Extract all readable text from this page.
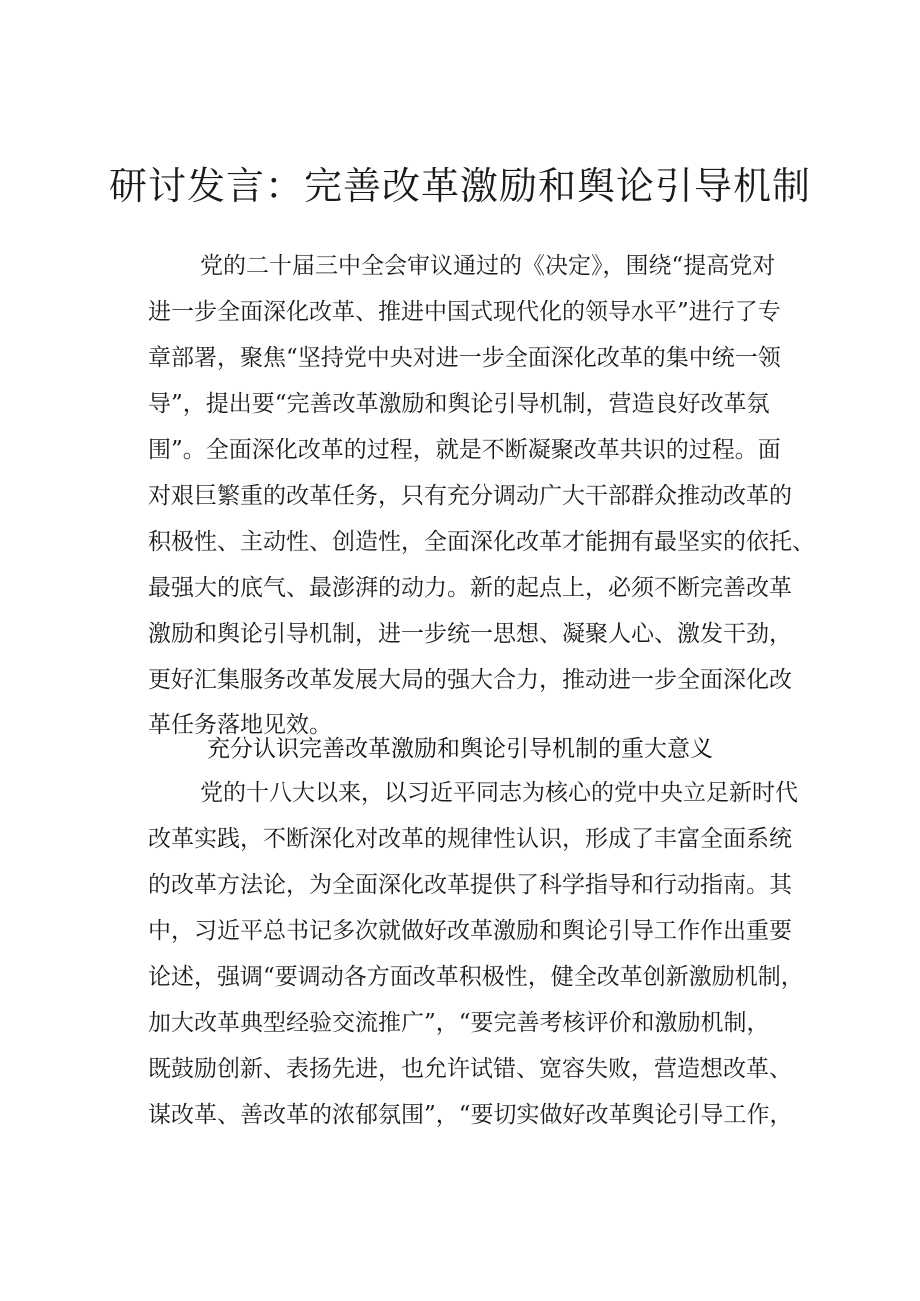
研讨发言：完善改革激励和舆论引导机制
党的二十届三中全会审议通过的《决定》，围绕“提高党对
进一步全面深化改革、推进中国式现代化的领导水平”进行了专
章部署，聚焦“坚持党中央对进一步全面深化改革的集中统一领
导”，提出要“完善改革激励和舆论引导机制，营造良好改革氛
围”。全面深化改革的过程，就是不断凝聚改革共识的过程。面
对艰巨繁重的改革任务，只有充分调动广大干部群众推动改革的
积极性、主动性、创造性，全面深化改革才能拥有最坚实的依托、
最强大的底气、最澎湃的动力。新的起点上，必须不断完善改革
激励和舆论引导机制，进一步统一思想、凝聚人心、激发干劲，
更好汇集服务改革发展大局的强大合力，推动进一步全面深化改
革任务落地见效。
充分认识完善改革激励和舆论引导机制的重大意义
党的十八大以来，以习近平同志为核心的党中央立足新时代
改革实践，不断深化对改革的规律性认识，形成了丰富全面系统
的改革方法论，为全面深化改革提供了科学指导和行动指南。其
中，习近平总书记多次就做好改革激励和舆论引导工作作出重要
论述，强调“要调动各方面改革积极性，健全改革创新激励机制，
加大改革典型经验交流推广”，“要完善考核评价和激励机制，
既鼓励创新、表扬先进，也允许试错、宽容失败，营造想改革、
谋改革、善改革的浓郁氛围”，“要切实做好改革舆论引导工作，
